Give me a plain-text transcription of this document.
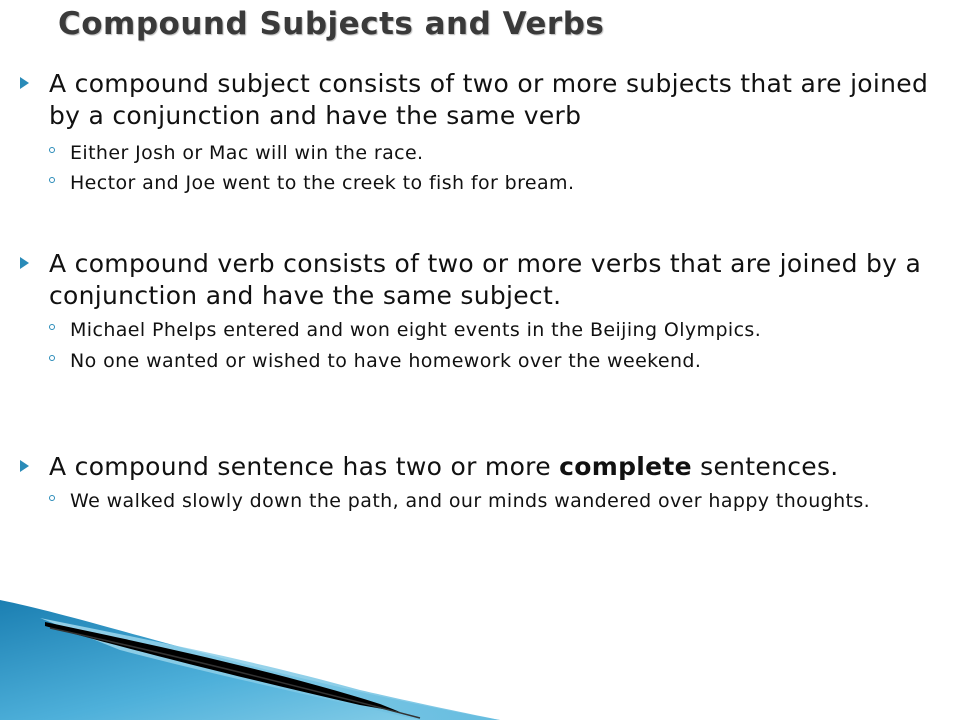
Compound Subjects and Verbs

A compound subject consists of two or more subjects that are joined by a conjunction and have the same verb

Either Josh or Mac will win the race.

Hector and Joe went to the creek to fish for bream.

A compound verb consists of two or more verbs that are joined by a conjunction and have the same subject.

Michael Phelps entered and won eight events in the Beijing Olympics.

No one wanted or wished to have homework over the weekend.

A compound sentence has two or more complete sentences.

We walked slowly down the path, and our minds wandered over happy thoughts.
